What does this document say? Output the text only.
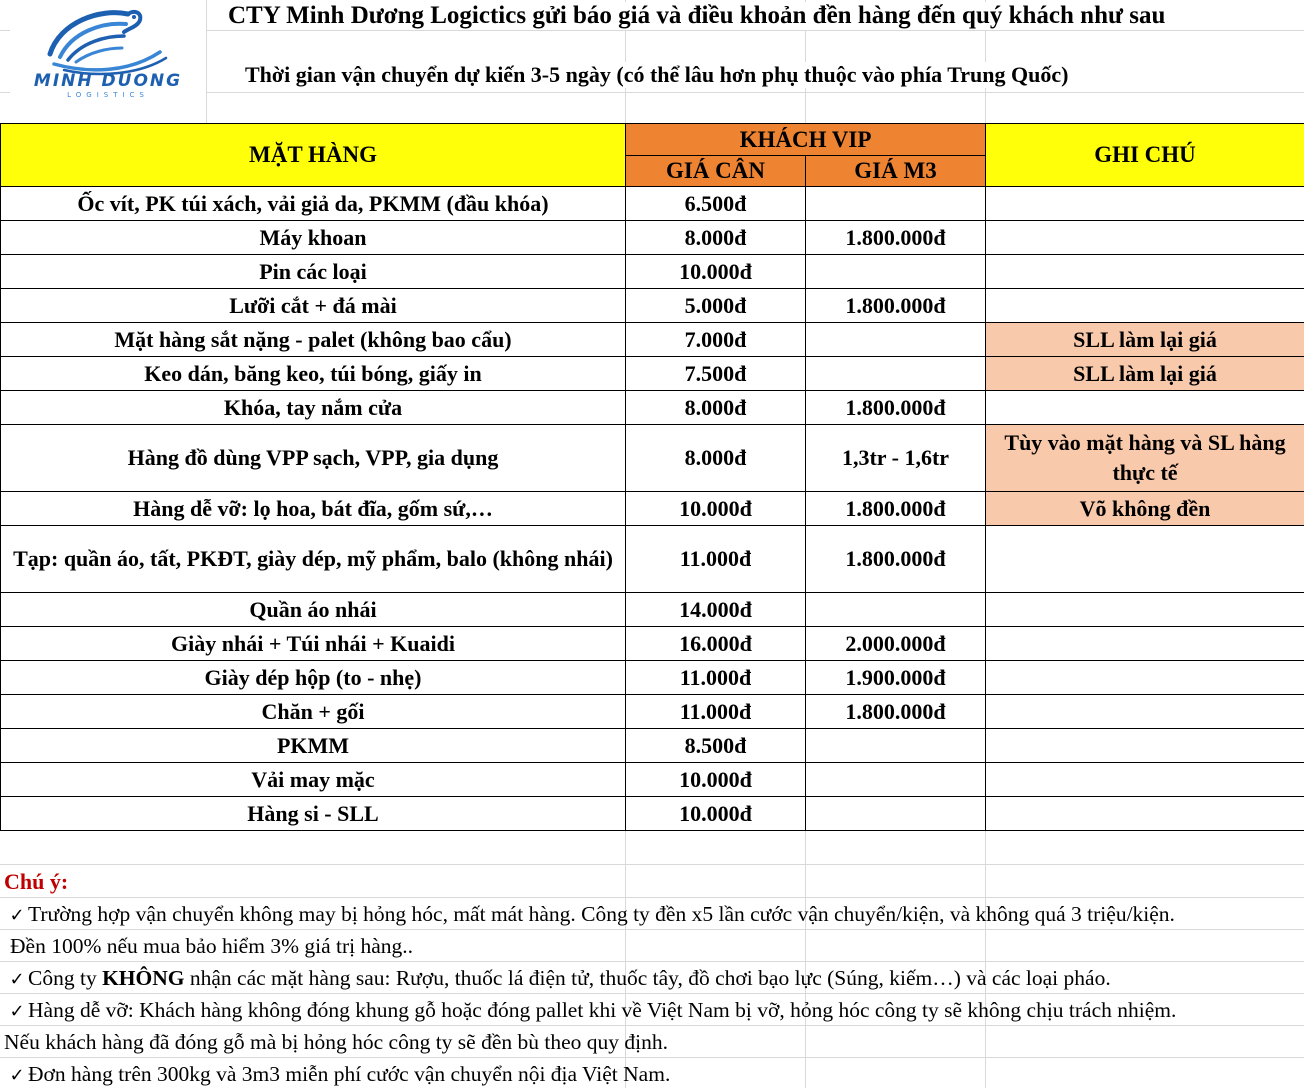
MINH DUONG
LOGISTICS
CTY Minh Dương Logictics gửi báo giá và điều khoản đền hàng đến quý khách như sau
Thời gian vận chuyển dự kiến 3-5 ngày (có thể lâu hơn phụ thuộc vào phía Trung Quốc)
MẶT HÀNG	KHÁCH VIP		GHI CHÚ
	GIÁ CÂN	GIÁ M3	
Ốc vít, PK túi xách, vải giả da, PKMM (đầu khóa)	6.500đ		
Máy khoan	8.000đ	1.800.000đ	
Pin các loại	10.000đ		
Lưỡi cắt + đá mài	5.000đ	1.800.000đ	
Mặt hàng sắt nặng - palet (không bao cẩu)	7.000đ		SLL làm lại giá
Keo dán, băng keo, túi bóng, giấy in	7.500đ		SLL làm lại giá
Khóa, tay nắm cửa	8.000đ	1.800.000đ	
Hàng đồ dùng VPP sạch, VPP, gia dụng	8.000đ	1,3tr - 1,6tr	Tùy vào mặt hàng và SL hàng thực tế
Hàng dễ vỡ: lọ hoa, bát đĩa, gốm sứ,…	10.000đ	1.800.000đ	Võ không đền
Tạp: quần áo, tất, PKĐT, giày dép, mỹ phẩm, balo (không nhái)	11.000đ	1.800.000đ	
Quần áo nhái	14.000đ		
Giày nhái + Túi nhái + Kuaidi	16.000đ	2.000.000đ	
Giày dép hộp (to - nhẹ)	11.000đ	1.900.000đ	
Chăn + gối	11.000đ	1.800.000đ	
PKMM	8.500đ		
Vải may mặc	10.000đ		
Hàng si - SLL	10.000đ		
Chú ý:
✓ Trường hợp vận chuyển không may bị hỏng hóc, mất mát hàng. Công ty đền x5 lần cước vận chuyển/kiện, và không quá 3 triệu/kiện.
Đền 100% nếu mua bảo hiểm 3% giá trị hàng..
✓ Công ty KHÔNG nhận các mặt hàng sau: Rượu, thuốc lá điện tử, thuốc tây, đồ chơi bạo lực (Súng, kiếm…) và các loại pháo.
✓ Hàng dễ vỡ: Khách hàng không đóng khung gỗ hoặc đóng pallet khi về Việt Nam bị vỡ, hỏng hóc công ty sẽ không chịu trách nhiệm.
Nếu khách hàng đã đóng gỗ mà bị hỏng hóc công ty sẽ đền bù theo quy định.
✓ Đơn hàng trên 300kg và 3m3 miễn phí cước vận chuyển nội địa Việt Nam.
